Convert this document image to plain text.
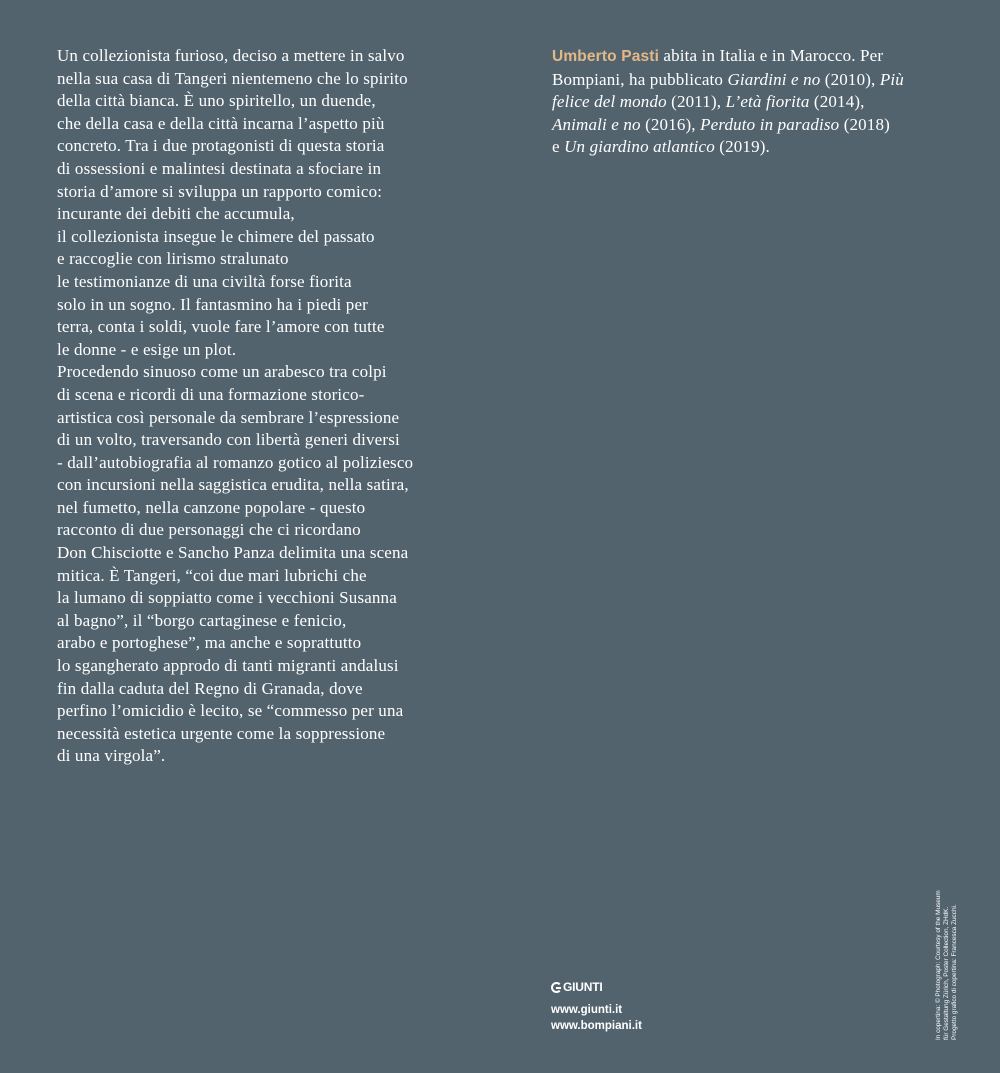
Un collezionista furioso, deciso a mettere in salvo
nella sua casa di Tangeri nientemeno che lo spirito
della città bianca. È uno spiritello, un duende,
che della casa e della città incarna l’aspetto più
concreto. Tra i due protagonisti di questa storia
di ossessioni e malintesi destinata a sfociare in
storia d’amore si sviluppa un rapporto comico:
incurante dei debiti che accumula,
il collezionista insegue le chimere del passato
e raccoglie con lirismo stralunato
le testimonianze di una civiltà forse fiorita
solo in un sogno. Il fantasmino ha i piedi per
terra, conta i soldi, vuole fare l’amore con tutte
le donne - e esige un plot.
Procedendo sinuoso come un arabesco tra colpi
di scena e ricordi di una formazione storico-
artistica così personale da sembrare l’espressione
di un volto, traversando con libertà generi diversi
- dall’autobiografia al romanzo gotico al poliziesco
con incursioni nella saggistica erudita, nella satira,
nel fumetto, nella canzone popolare - questo
racconto di due personaggi che ci ricordano
Don Chisciotte e Sancho Panza delimita una scena
mitica. È Tangeri, “coi due mari lubrichi che
la lumano di soppiatto come i vecchioni Susanna
al bagno”, il “borgo cartaginese e fenicio,
arabo e portoghese”, ma anche e soprattutto
lo sgangherato approdo di tanti migranti andalusi
fin dalla caduta del Regno di Granada, dove
perfino l’omicidio è lecito, se “commesso per una
necessità estetica urgente come la soppressione
di una virgola”.
Umberto Pasti abita in Italia e in Marocco. Per
Bompiani, ha pubblicato Giardini e no (2010), Più
felice del mondo (2011), L’età fiorita (2014),
Animali e no (2016), Perduto in paradiso (2018)
e Un giardino atlantico (2019).
GIUNTI
www.giunti.it
www.bompiani.it	In copertina: © Photograph: Courtesy of the Museum für Gestaltung Zürich, Poster Collection, ZHdK. Progetto grafico di copertina: Francesca Zucchi.
